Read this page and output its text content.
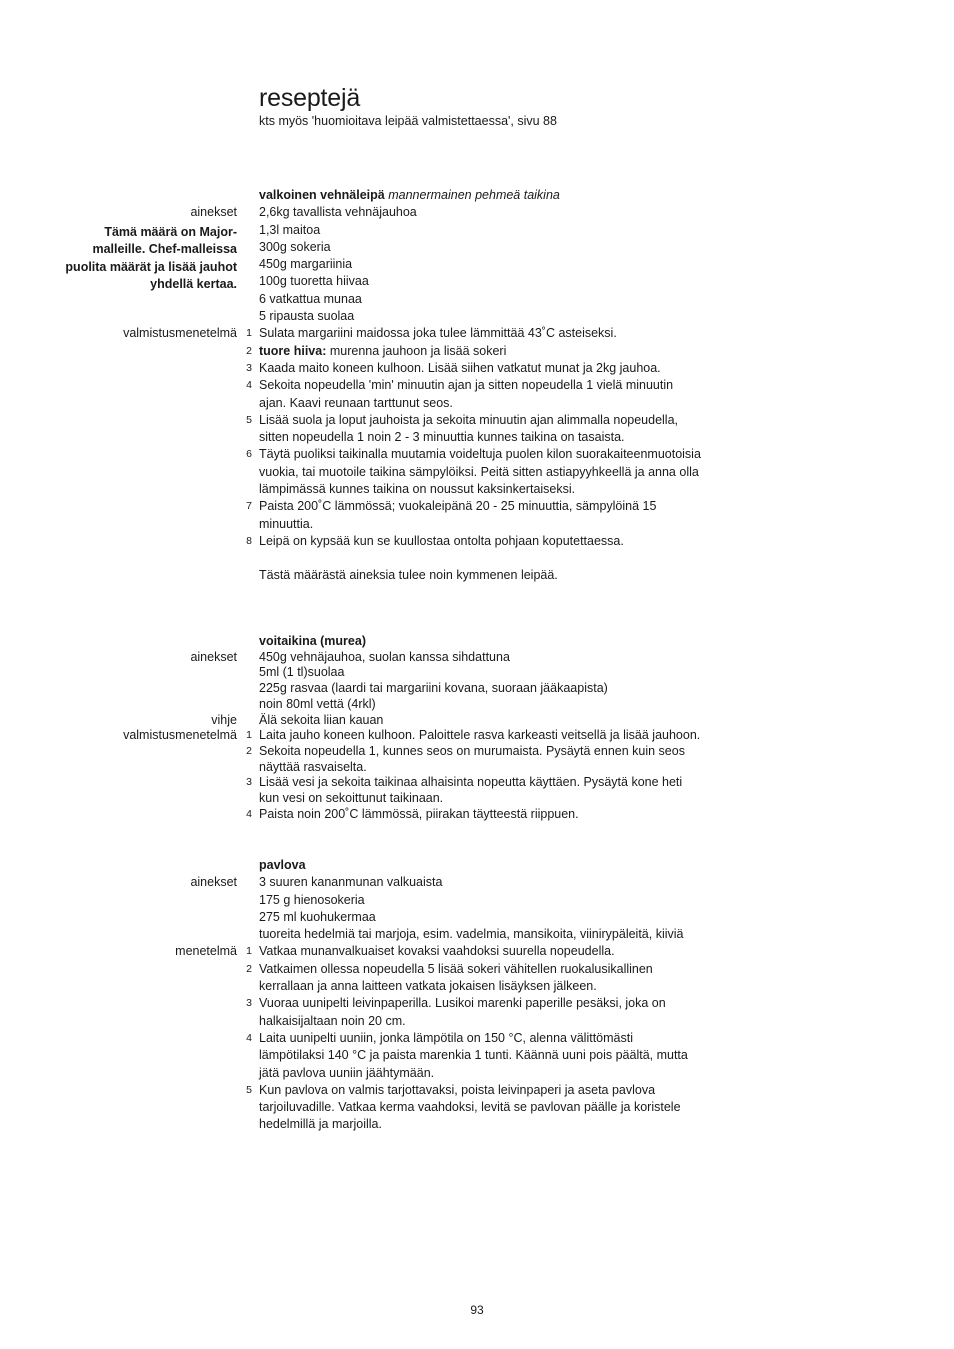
reseptejä
kts myös 'huomioitava leipää valmistettaessa', sivu 88
valkoinen vehnäleipä mannermainen pehmeä taikina
ainekset 2,6kg tavallista vehnäjauhoa
1,3l maitoa
300g sokeria
450g margariinia
100g tuoretta hiivaa
6 vatkattua munaa
5 ripausta suolaa
valmistusmenetelmä 1 Sulata margariini maidossa joka tulee lämmittää 43˚C asteiseksi.
2 tuore hiiva: murenna jauhoon ja lisää sokeri
3 Kaada maito koneen kulhoon. Lisää siihen vatkatut munat ja 2kg jauhoa.
4 Sekoita nopeudella 'min' minuutin ajan ja sitten nopeudella 1 vielä minuutin ajan. Kaavi reunaan tarttunut seos.
5 Lisää suola ja loput jauhoista ja sekoita minuutin ajan alimmalla nopeudella, sitten nopeudella 1 noin 2 - 3 minuuttia kunnes taikina on tasaista.
6 Täytä puoliksi taikinalla muutamia voideltuja puolen kilon suorakaiteenmuotoisia vuokia, tai muotoile taikina sämpylöiksi. Peitä sitten astiapyyhkeellä ja anna olla lämpimässä kunnes taikina on noussut kaksinkertaiseksi.
7 Paista 200˚C lämmössä; vuokaleipänä 20 - 25 minuuttia, sämpylöinä 15 minuuttia.
8 Leipä on kypsää kun se kuullostaa ontolta pohjaan koputettaessa.
Tästä määrästä aineksia tulee noin kymmenen leipää.
Tämä määrä on Major-malleille. Chef-malleissa puolita määrät ja lisää jauhot yhdellä kertaa.
voitaikina (murea)
ainekset 450g vehnäjauhoa, suolan kanssa sihdattuna
5ml (1 tl)suolaa
225g rasvaa (laardi tai margariini kovana, suoraan jääkaapista)
noin 80ml vettä (4rkl)
vihje Älä sekoita liian kauan
valmistusmenetelmä 1 Laita jauho koneen kulhoon. Paloittele rasva karkeasti veitsellä ja lisää jauhoon.
2 Sekoita nopeudella 1, kunnes seos on murumaista. Pysäytä ennen kuin seos näyttää rasvaiselta.
3 Lisää vesi ja sekoita taikinaa alhaisinta nopeutta käyttäen. Pysäytä kone heti kun vesi on sekoittunut taikinaan.
4 Paista noin 200˚C lämmössä, piirakan täytteestä riippuen.
pavlova
ainekset 3 suuren kananmunan valkuaista
175 g hienosokeria
275 ml kuohukermaa
tuoreita hedelmiä tai marjoja, esim. vadelmia, mansikoita, viinirypäleitä, kiiviä
menetelmä 1 Vatkaa munanvalkuaiset kovaksi vaahdoksi suurella nopeudella.
2 Vatkaimen ollessa nopeudella 5 lisää sokeri vähitellen ruokalusikallinen kerrallaan ja anna laitteen vatkata jokaisen lisäyksen jälkeen.
3 Vuoraa uunipelti leivinpaperilla. Lusikoi marenki paperille pesäksi, joka on halkaisijaltaan noin 20 cm.
4 Laita uunipelti uuniin, jonka lämpötila on 150 °C, alenna välittömästi lämpötilaksi 140 °C ja paista marenkia 1 tunti. Käännä uuni pois päältä, mutta jätä pavlova uuniin jäähtymään.
5 Kun pavlova on valmis tarjottavaksi, poista leivinpaperi ja aseta pavlova tarjoiluvadille. Vatkaa kerma vaahdoksi, levitä se pavlovan päälle ja koristele hedelmillä ja marjoilla.
93
